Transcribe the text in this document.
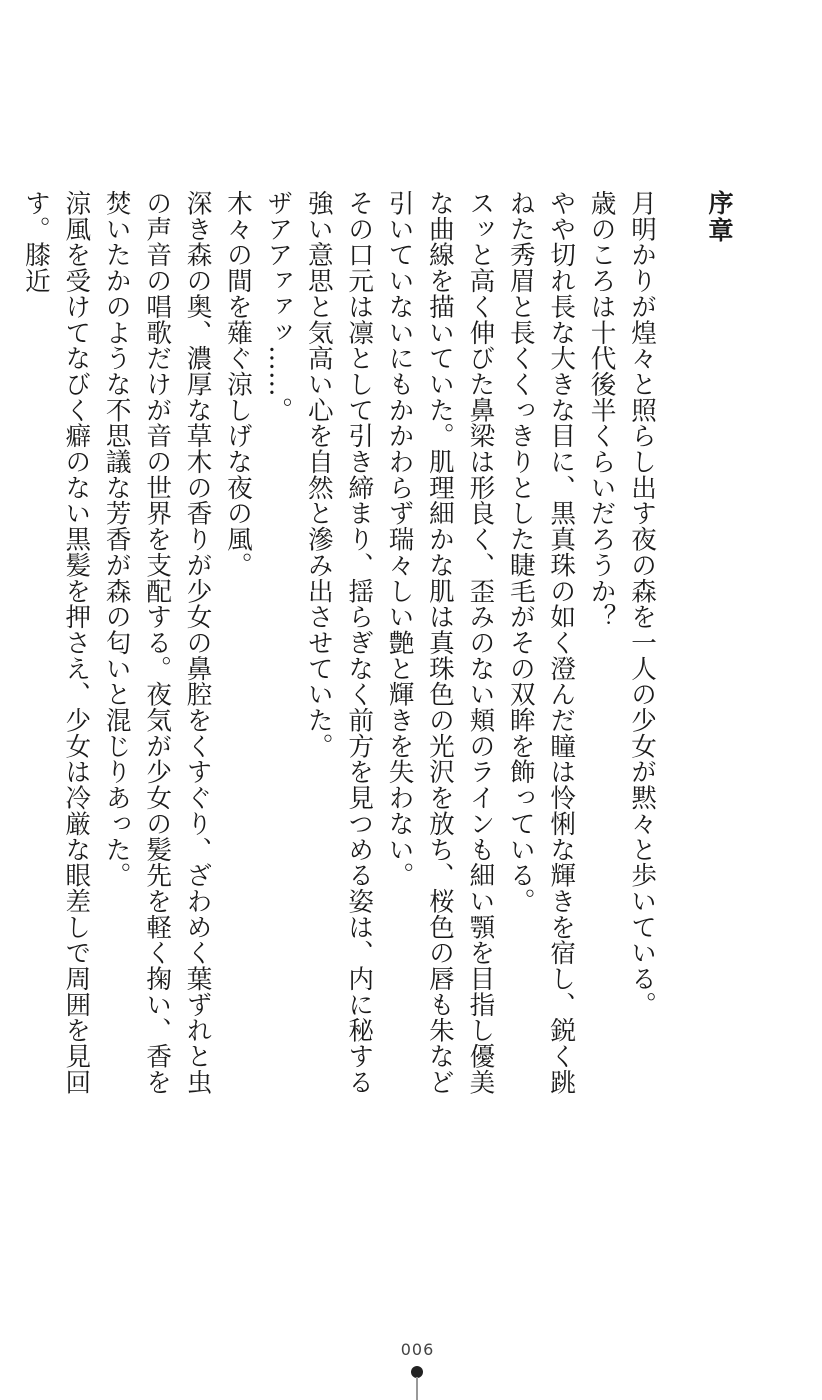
序章

月明かりが煌々と照らし出す夜の森を一人の少女が黙々と歩いている。

歳のころは十代後半くらいだろうか？

やや切れ長な大きな目に、黒真珠の如く澄んだ瞳は怜悧な輝きを宿し、鋭く跳ねた秀眉と長くくっきりとした睫毛がその双眸を飾っている。

スッと高く伸びた鼻梁は形良く、歪みのない頬のラインも細い顎を目指し優美な曲線を描いていた。肌理細かな肌は真珠色の光沢を放ち、桜色の唇も朱など引いていないにもかかわらず瑞々しい艶と輝きを失わない。

その口元は凛として引き締まり、揺らぎなく前方を見つめる姿は、内に秘する強い意思と気高い心を自然と滲み出させていた。

ザアアァァッ……。

木々の間を薙ぐ涼しげな夜の風。

深き森の奥、濃厚な草木の香りが少女の鼻腔をくすぐり、ざわめく葉ずれと虫の声音の唱歌だけが音の世界を支配する。夜気が少女の髪先を軽く掬い、香を焚いたかのような不思議な芳香が森の匂いと混じりあった。

涼風を受けてなびく癖のない黒髪を押さえ、少女は冷厳な眼差しで周囲を見回す。膝近

006
